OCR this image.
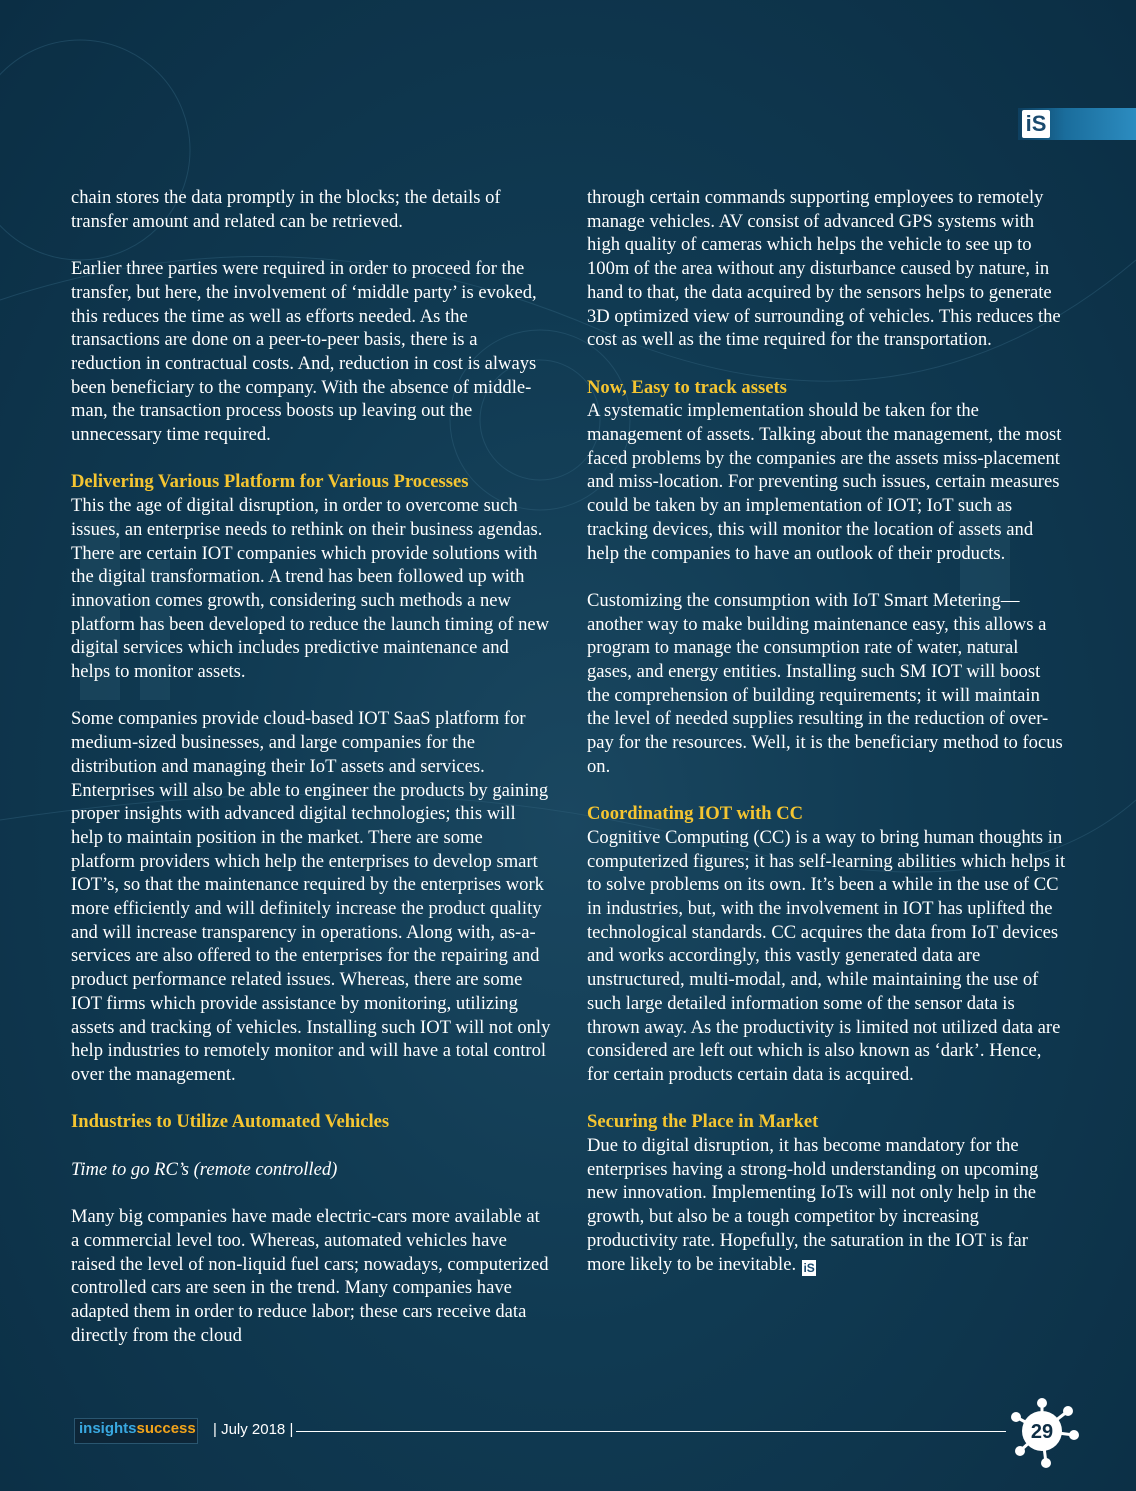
iS

chain stores the data promptly in the blocks; the details of transfer amount and related can be retrieved.

Earlier three parties were required in order to proceed for the transfer, but here, the involvement of ‘middle party’ is evoked, this reduces the time as well as efforts needed. As the transactions are done on a peer-to-peer basis, there is a reduction in contractual costs. And, reduction in cost is always been beneficiary to the company. With the absence of middle-man, the transaction process boosts up leaving out the unnecessary time required.

Delivering Various Platform for Various Processes
This the age of digital disruption, in order to overcome such issues, an enterprise needs to rethink on their business agendas. There are certain IOT companies which provide solutions with the digital transformation. A trend has been followed up with innovation comes growth, considering such methods a new platform has been developed to reduce the launch timing of new digital services which includes predictive maintenance and helps to monitor assets.

Some companies provide cloud-based IOT SaaS platform for medium-sized businesses, and large companies for the distribution and managing their IoT assets and services. Enterprises will also be able to engineer the products by gaining proper insights with advanced digital technologies; this will help to maintain position in the market. There are some platform providers which help the enterprises to develop smart IOT’s, so that the maintenance required by the enterprises work more efficiently and will definitely increase the product quality and will increase transparency in operations. Along with, as-a-services are also offered to the enterprises for the repairing and product performance related issues. Whereas, there are some IOT firms which provide assistance by monitoring, utilizing assets and tracking of vehicles. Installing such IOT will not only help industries to remotely monitor and will have a total control over the management.

Industries to Utilize Automated Vehicles

Time to go RC’s (remote controlled)

Many big companies have made electric-cars more available at a commercial level too. Whereas, automated vehicles have raised the level of non-liquid fuel cars; nowadays, computerized controlled cars are seen in the trend. Many companies have adapted them in order to reduce labor; these cars receive data directly from the cloud

through certain commands supporting employees to remotely manage vehicles. AV consist of advanced GPS systems with high quality of cameras which helps the vehicle to see up to 100m of the area without any disturbance caused by nature, in hand to that, the data acquired by the sensors helps to generate 3D optimized view of surrounding of vehicles. This reduces the cost as well as the time required for the transportation.

Now, Easy to track assets
A systematic implementation should be taken for the management of assets. Talking about the management, the most faced problems by the companies are the assets miss-placement and miss-location. For preventing such issues, certain measures could be taken by an implementation of IOT; IoT such as tracking devices, this will monitor the location of assets and help the companies to have an outlook of their products.

Customizing the consumption with IoT Smart Metering—another way to make building maintenance easy, this allows a program to manage the consumption rate of water, natural gases, and energy entities. Installing such SM IOT will boost the comprehension of building requirements; it will maintain the level of needed supplies resulting in the reduction of over-pay for the resources. Well, it is the beneficiary method to focus on.

Coordinating IOT with CC
Cognitive Computing (CC) is a way to bring human thoughts in computerized figures; it has self-learning abilities which helps it to solve problems on its own. It’s been a while in the use of CC in industries, but, with the involvement in IOT has uplifted the technological standards. CC acquires the data from IoT devices and works accordingly, this vastly generated data are unstructured, multi-modal, and, while maintaining the use of such large detailed information some of the sensor data is thrown away. As the productivity is limited not utilized data are considered are left out which is also known as ‘dark’. Hence, for certain products certain data is acquired.

Securing the Place in Market
Due to digital disruption, it has become mandatory for the enterprises having a strong-hold understanding on upcoming new innovation. Implementing IoTs will not only help in the growth, but also be a tough competitor by increasing productivity rate. Hopefully, the saturation in the IOT is far more likely to be inevitable. iS

insightssuccess | July 2018 |	29
